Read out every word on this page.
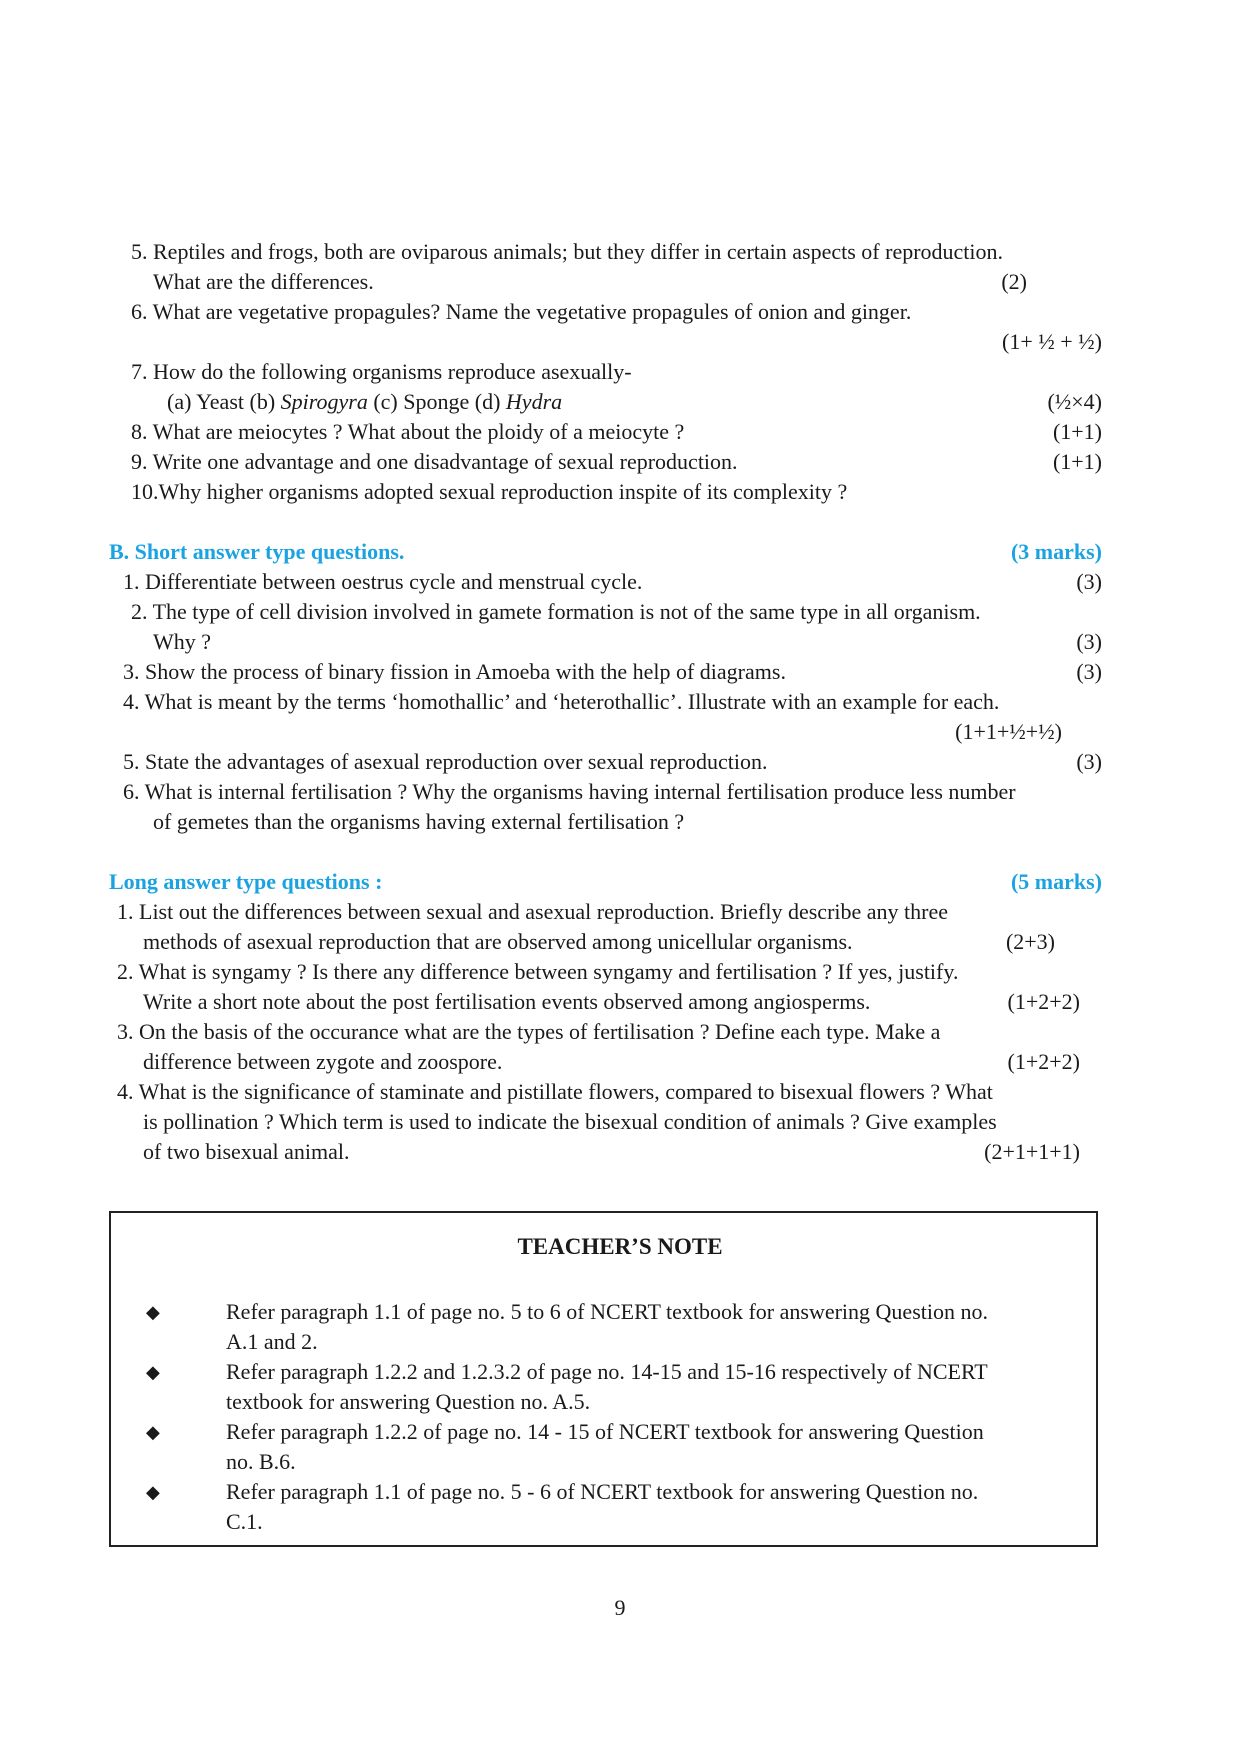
5. Reptiles and frogs, both are oviparous animals; but they differ in certain aspects of reproduction.
What are the differences.	(2)
6. What are vegetative propagules? Name the vegetative propagules of onion and ginger.
(1+ ½ + ½)
7. How do the following organisms reproduce asexually-
(a) Yeast (b) Spirogyra (c) Sponge (d) Hydra	(½×4)
8. What are meiocytes ? What about the ploidy of a meiocyte ?	(1+1)
9. Write one advantage and one disadvantage of sexual reproduction.	(1+1)
10.Why higher organisms adopted sexual reproduction inspite of its complexity ?
B. Short answer type questions.	(3 marks)
1. Differentiate between oestrus cycle and menstrual cycle.	(3)
2. The type of cell division involved in gamete formation is not of the same type in all organism.
Why ?	(3)
3. Show the process of binary fission in Amoeba with the help of diagrams.	(3)
4. What is meant by the terms ‘homothallic’ and ‘heterothallic’. Illustrate with an example for each.
(1+1+½+½)
5. State the advantages of asexual reproduction over sexual reproduction.	(3)
6. What is internal fertilisation ? Why the organisms having internal fertilisation produce less number
of gemetes than the organisms having external fertilisation ?
Long answer type questions :	(5 marks)
1. List out the differences between sexual and asexual reproduction. Briefly describe any three
methods of asexual reproduction that are observed among unicellular organisms.	(2+3)
2. What is syngamy ? Is there any difference between syngamy and fertilisation ? If yes, justify.
Write a short note about the post fertilisation events observed among angiosperms.	(1+2+2)
3. On the basis of the occurance what are the types of fertilisation ? Define each type. Make a
difference between zygote and zoospore.	(1+2+2)
4. What is the significance of staminate and pistillate flowers, compared to bisexual flowers ? What
is pollination ? Which term is used to indicate the bisexual condition of animals ? Give examples
of two bisexual animal.	(2+1+1+1)
TEACHER’S NOTE
◆	Refer paragraph 1.1 of page no. 5 to 6 of NCERT textbook for answering Question no.
A.1 and 2.
◆	Refer paragraph 1.2.2 and 1.2.3.2 of page no. 14-15 and 15-16 respectively of NCERT
textbook for answering Question no. A.5.
◆	Refer paragraph 1.2.2 of page no. 14 - 15 of NCERT textbook for answering Question
no. B.6.
◆	Refer paragraph 1.1 of page no. 5 - 6 of NCERT textbook for answering Question no.
C.1.
9
